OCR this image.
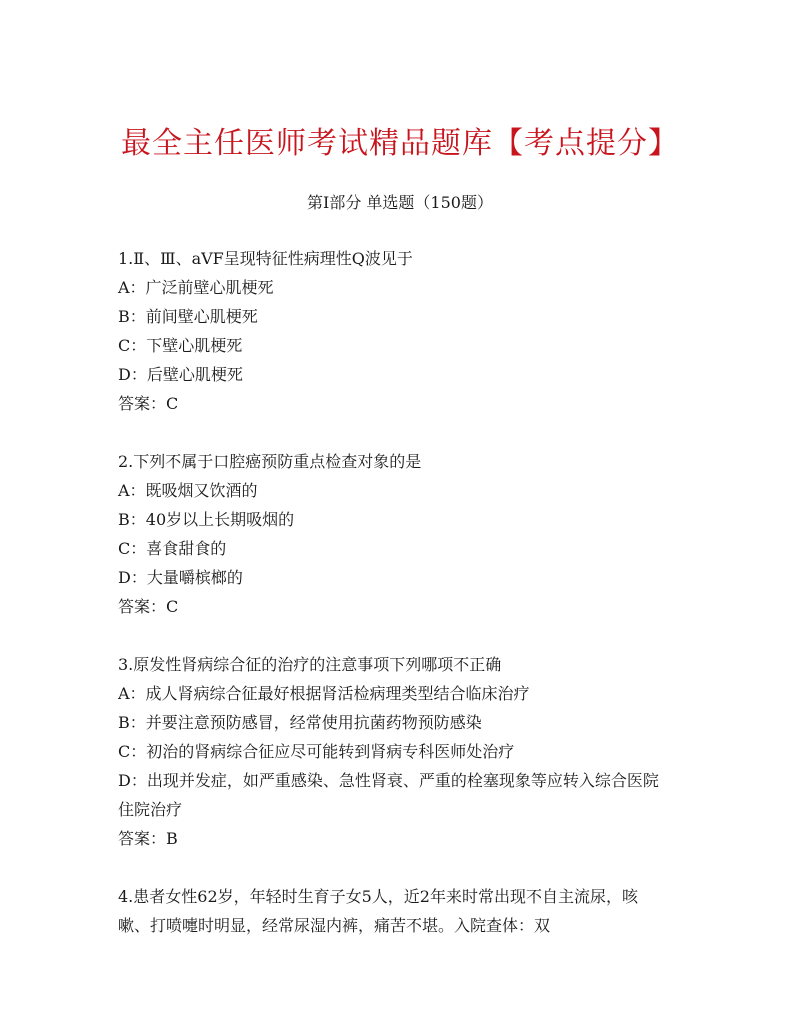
最全主任医师考试精品题库【考点提分】
第Ⅰ部分 单选题（150题）
1.Ⅱ、Ⅲ、aVF呈现特征性病理性Q波见于
A：广泛前壁心肌梗死
B：前间壁心肌梗死
C：下壁心肌梗死
D：后壁心肌梗死
答案：C
2.下列不属于口腔癌预防重点检查对象的是
A：既吸烟又饮酒的
B：40岁以上长期吸烟的
C：喜食甜食的
D：大量嚼槟榔的
答案：C
3.原发性肾病综合征的治疗的注意事项下列哪项不正确
A：成人肾病综合征最好根据肾活检病理类型结合临床治疗
B：并要注意预防感冒，经常使用抗菌药物预防感染
C：初治的肾病综合征应尽可能转到肾病专科医师处治疗
D：出现并发症，如严重感染、急性肾衰、严重的栓塞现象等应转入综合医院住院治疗
答案：B
4.患者女性62岁，年轻时生育子女5人，近2年来时常出现不自主流尿，咳嗽、打喷嚏时明显，经常尿湿内裤，痛苦不堪。入院查体：双
